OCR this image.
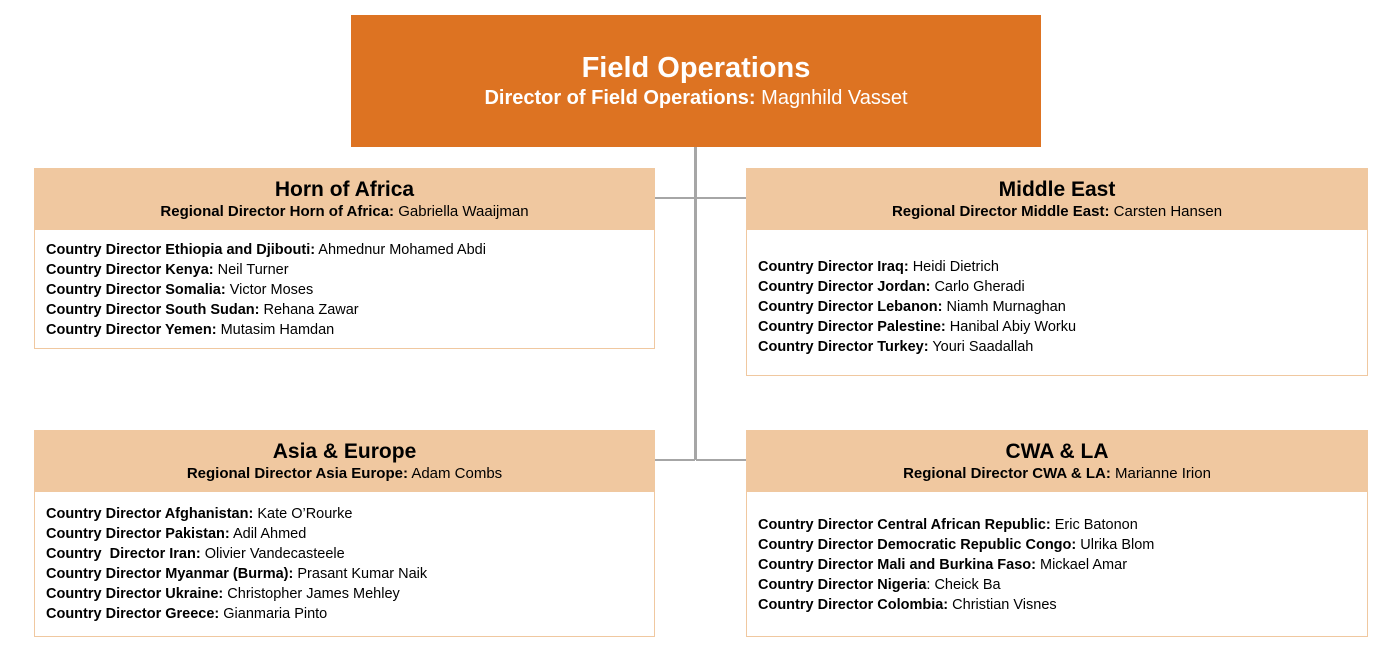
Field Operations
Director of Field Operations: Magnhild Vasset
Horn of Africa
Regional Director Horn of Africa: Gabriella Waaijman
Country Director Ethiopia and Djibouti: Ahmednur Mohamed Abdi
Country Director Kenya: Neil Turner
Country Director Somalia: Victor Moses
Country Director South Sudan: Rehana Zawar
Country Director Yemen: Mutasim Hamdan
Middle East
Regional Director Middle East: Carsten Hansen
Country Director Iraq: Heidi Dietrich
Country Director Jordan: Carlo Gheradi
Country Director Lebanon: Niamh Murnaghan
Country Director Palestine: Hanibal Abiy Worku
Country Director Turkey: Youri Saadallah
Asia & Europe
Regional Director Asia Europe: Adam Combs
Country Director Afghanistan: Kate O’Rourke
Country Director Pakistan: Adil Ahmed
Country  Director Iran: Olivier Vandecasteele
Country Director Myanmar (Burma): Prasant Kumar Naik
Country Director Ukraine: Christopher James Mehley
Country Director Greece: Gianmaria Pinto
CWA & LA
Regional Director CWA & LA: Marianne Irion
Country Director Central African Republic: Eric Batonon
Country Director Democratic Republic Congo: Ulrika Blom
Country Director Mali and Burkina Faso: Mickael Amar
Country Director Nigeria: Cheick Ba
Country Director Colombia: Christian Visnes
